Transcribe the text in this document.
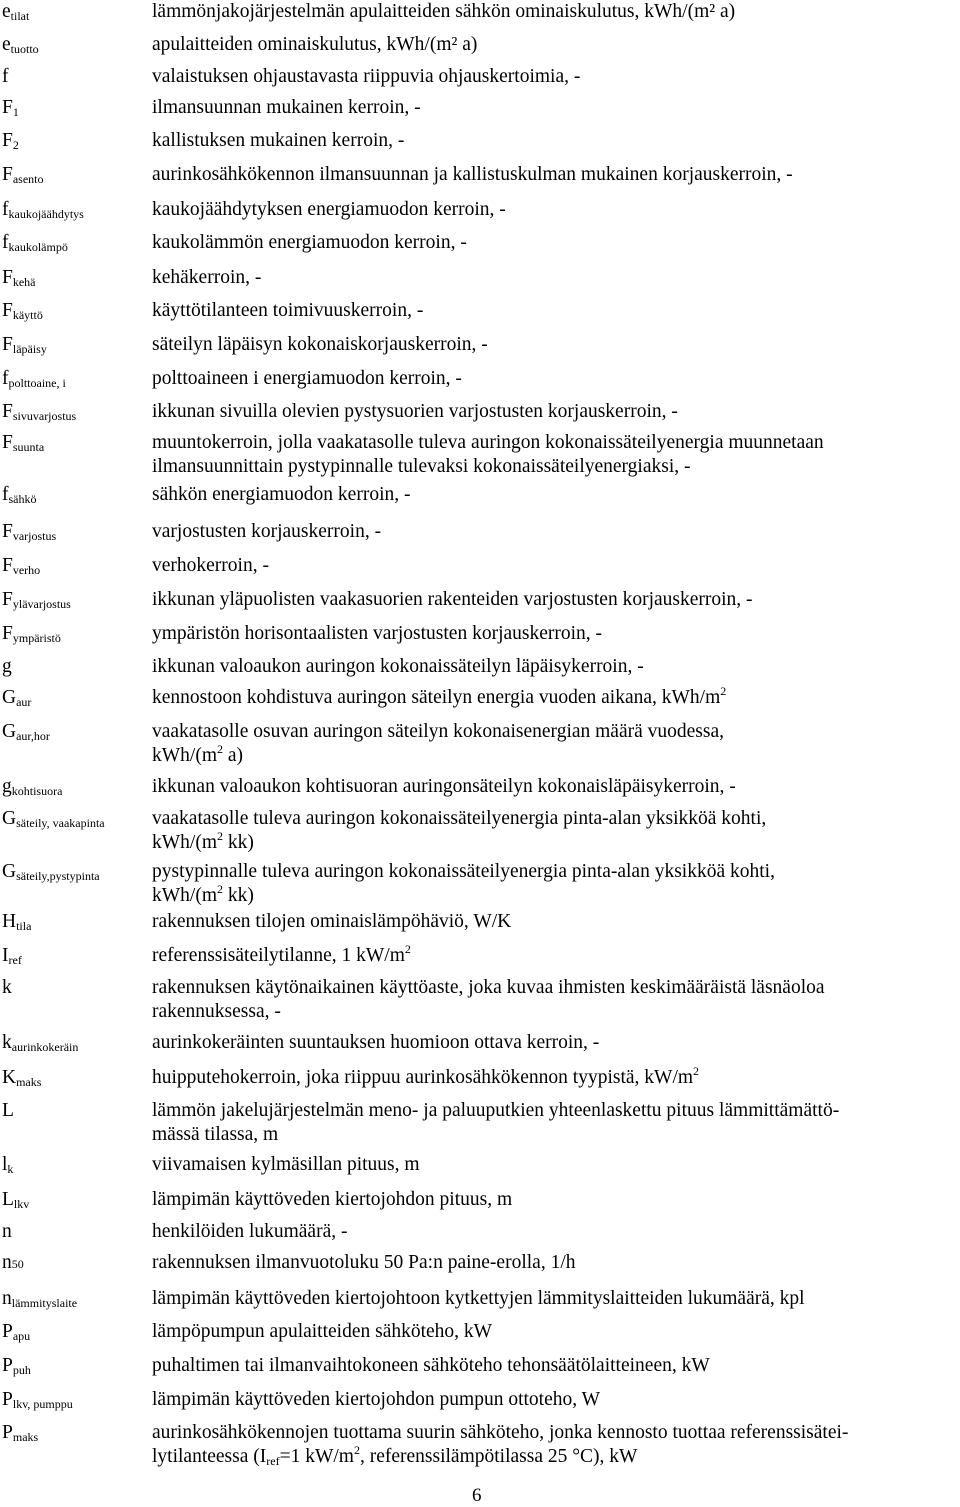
$e_{tilat}$	lämmönjakojärjestelmän apulaitteiden sähkön ominaiskulutus, kWh/(m² a)
$e_{tuotto}$	apulaitteiden ominaiskulutus, kWh/(m² a)
f	valaistuksen ohjaustavasta riippuvia ohjauskertoimia, -
$F_1$	ilmansuunnan mukainen kerroin, -
$F_2$	kallistuksen mukainen kerroin, -
$F_{asento}$	aurinkosähkökennon ilmansuunnan ja kallistuskulman mukainen korjauskerroin, -
$f_{kaukojäähdytys}$	kaukojäähdytyksen energiamuodon kerroin, -
$f_{kaukolämpö}$	kaukolämmön energiamuodon kerroin, -
$F_{kehä}$	kehäkerroin, -
$F_{käyttö}$	käyttötilanteen toimivuuskerroin, -
$F_{läpäisy}$	säteilyn läpäisyn kokonaiskorjauskerroin, -
$f_{polttoaine, i}$	polttoaineen i energiamuodon kerroin, -
$F_{sivuvarjostus}$	ikkunan sivuilla olevien pystysuorien varjostusten korjauskerroin, -
$F_{suunta}$	muuntokerroin, jolla vaakatasolle tuleva auringon kokonaissäteilyenergia muunnetaan
ilmansuunnittain pystypinnalle tulevaksi kokonaissäteilyenergiaksi, -
$f_{sähkö}$	sähkön energiamuodon kerroin, -
$F_{varjostus}$	varjostusten korjauskerroin, -
$F_{verho}$	verhokerroin, -
$F_{ylävarjostus}$	ikkunan yläpuolisten vaakasuorien rakenteiden varjostusten korjauskerroin, -
$F_{ympäristö}$	ympäristön horisontaalisten varjostusten korjauskerroin, -
g	ikkunan valoaukon auringon kokonaissäteilyn läpäisykerroin, -
$G_{aur}$	kennostoon kohdistuva auringon säteilyn energia vuoden aikana, kWh/$m^2$
$G_{aur,hor}$	vaakatasolle osuvan auringon säteilyn kokonaisenergian määrä vuodessa,
kWh/($m^2$ a)
$g_{kohtisuora}$	ikkunan valoaukon kohtisuoran auringonsäteilyn kokonaisläpäisykerroin, -
$G_{säteily, vaakapinta}$ vaakatasolle tuleva auringon kokonaissäteilyenergia pinta-alan yksikköä kohti,
kWh/($m^2$ kk)
$G_{säteily,pystypinta}$	pystypinnalle tuleva auringon kokonaissäteilyenergia pinta-alan yksikköä kohti,
kWh/($m^2$ kk)
$H_{tila}$	rakennuksen tilojen ominaislämpöhäviö, W/K
$I_{ref}$	referenssisäteilytilanne, 1 $kW/m^2$
k	rakennuksen käytönaikainen käyttöaste, joka kuvaa ihmisten keskimääräistä läsnäoloa
rakennuksessa, -
$k_{aurinkokeräin}$	aurinkokeräinten suuntauksen huomioon ottava kerroin, -
$K_{maks}$	huipputehokerroin, joka riippuu aurinkosähkökennon tyypistä, $kW/m^2$
L	lämmön jakelujärjestelmän meno- ja paluuputkien yhteenlaskettu pituus lämmittämättö-
mässä tilassa, m
$l_k$	viivamaisen kylmäsillan pituus, m
$L_{lkv}$	lämpimän käyttöveden kiertojohdon pituus, m
n	henkilöiden lukumäärä, -
n50	rakennuksen ilmanvuotoluku 50 Pa:n paine-erolla, 1/h
$n_{lämmityslaite}$	lämpimän käyttöveden kiertojohtoon kytkettyjen lämmityslaitteiden lukumäärä, kpl
$P_{apu}$	lämpöpumpun apulaitteiden sähköteho, kW
$P_{puh}$	puhaltimen tai ilmanvaihtokoneen sähköteho tehonsäätölaitteineen, kW
$P_{lkv, pumppu}$	lämpimän käyttöveden kiertojohdon pumpun ottoteho, W
$P_{maks}$	aurinkosähkökennojen tuottama suurin sähköteho, jonka kennosto tuottaa referenssisätei-
lytilanteessa ($I_{ref}=1$ $kW/m^2$, referenssilämpötilassa 25 °C), kW
6
